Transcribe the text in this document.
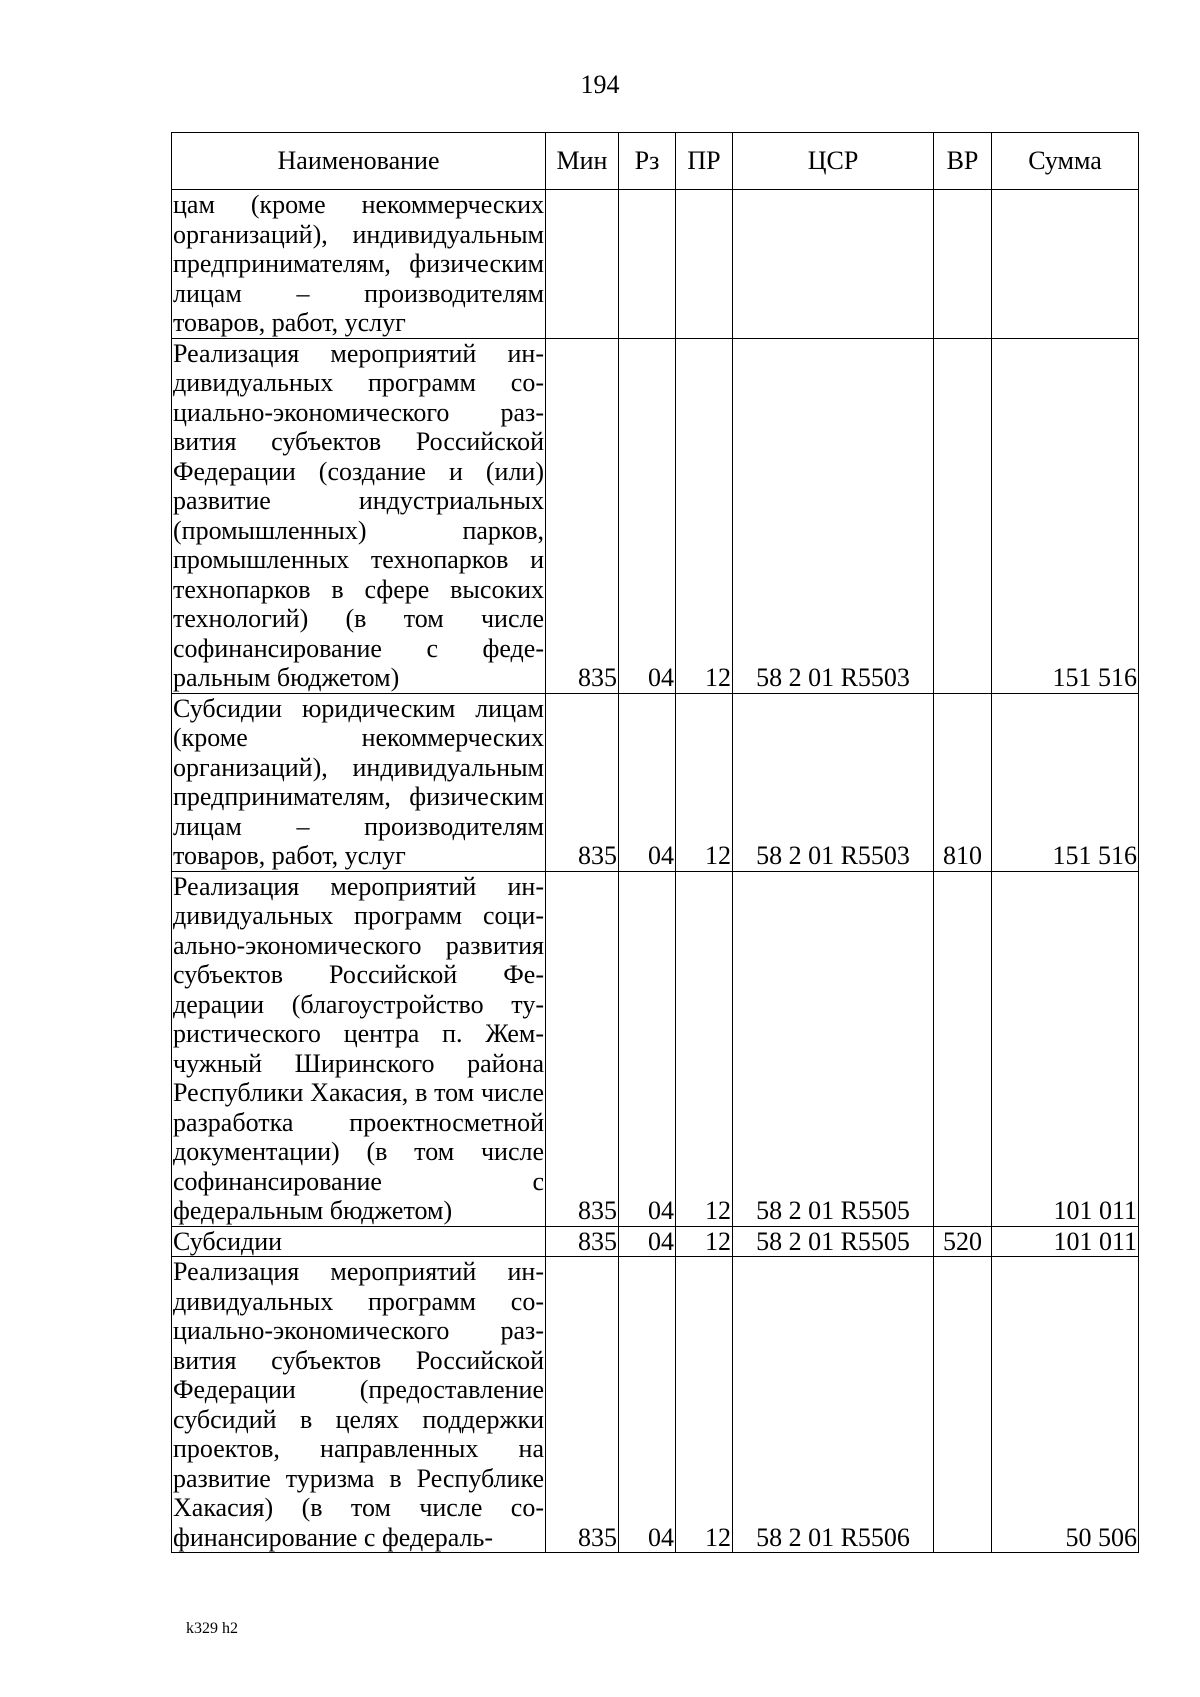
194
Наименование	Мин	Рз	ПР	ЦСР	ВР	Сумма
цам (кроме некоммерческих организаций), индивидуальным предпринимателям, физическим лицам – производителям товаров, работ, услуг						
Реализация мероприятий индивидуальных программ социально-экономического развития субъектов Российской Федерации (создание и (или) развитие индустриальных (промышленных) парков, промышленных технопарков и технопарков в сфере высоких технологий) (в том числе софинансирование с федеральным бюджетом)	835	04	12	58 2 01 R5503		151 516
Субсидии юридическим лицам (кроме некоммерческих организаций), индивидуальным предпринимателям, физическим лицам – производителям товаров, работ, услуг	835	04	12	58 2 01 R5503	810	151 516
Реализация мероприятий индивидуальных программ социально-экономического развития субъектов Российской Федерации (благоустройство туристического центра п. Жемчужный Ширинского района Республики Хакасия, в том числе разработка проектносметной документации) (в том числе софинансирование с федеральным бюджетом)	835	04	12	58 2 01 R5505		101 011
Субсидии	835	04	12	58 2 01 R5505	520	101 011
Реализация мероприятий индивидуальных программ социально-экономического развития субъектов Российской Федерации (предоставление субсидий в целях поддержки проектов, направленных на развитие туризма в Республике Хакасия) (в том числе софинансирование с федераль-	835	04	12	58 2 01 R5506		50 506
k329 h2
